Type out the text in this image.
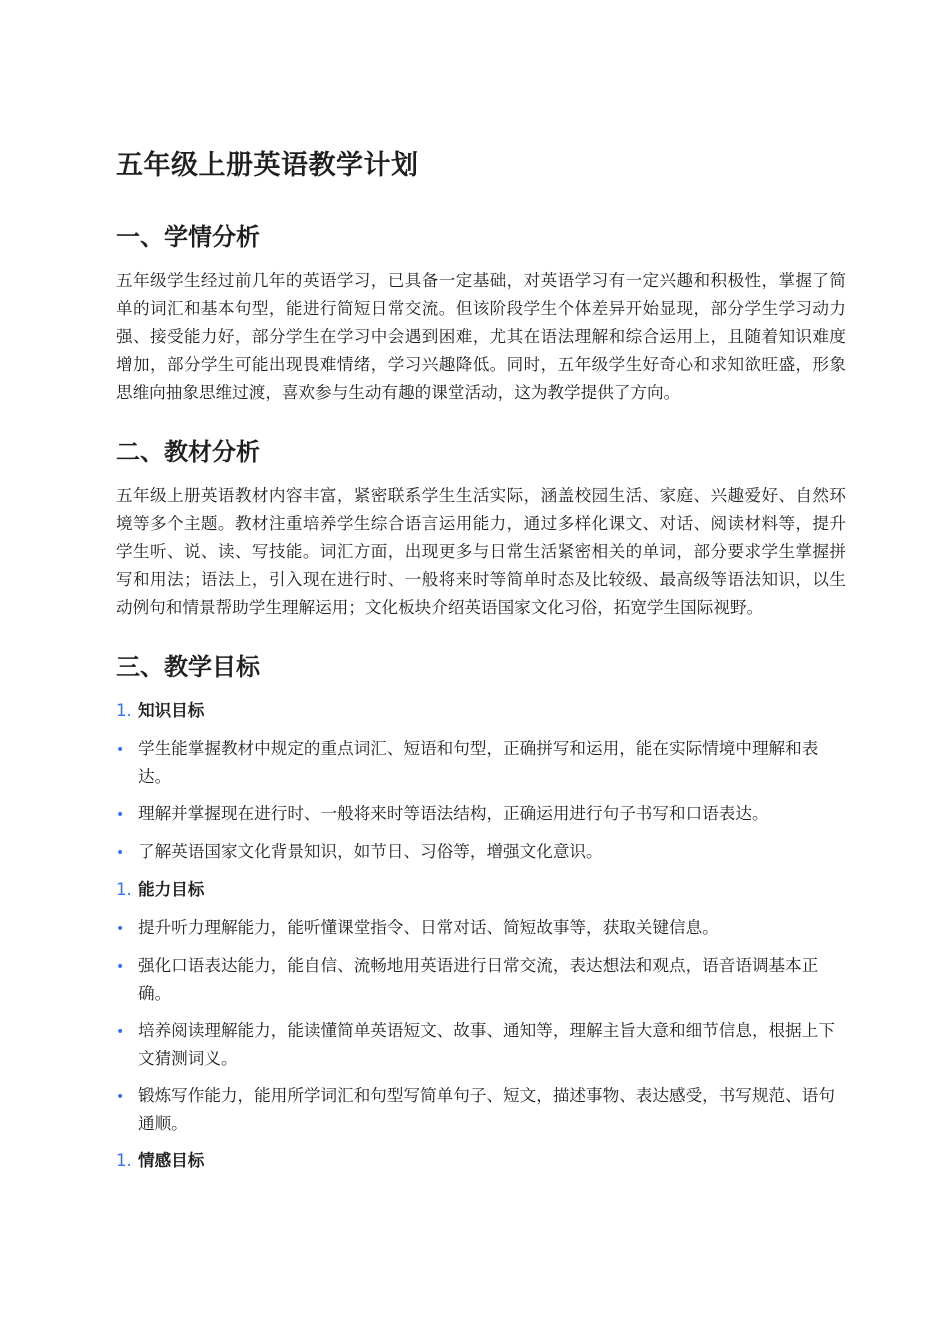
五年级上册英语教学计划
一、学情分析

五年级学生经过前几年的英语学习，已具备一定基础，对英语学习有一定兴趣和积极性，掌握了简单的词汇和基本句型，能进行简短日常交流。但该阶段学生个体差异开始显现，部分学生学习动力强、接受能力好，部分学生在学习中会遇到困难，尤其在语法理解和综合运用上，且随着知识难度增加，部分学生可能出现畏难情绪，学习兴趣降低。同时，五年级学生好奇心和求知欲旺盛，形象思维向抽象思维过渡，喜欢参与生动有趣的课堂活动，这为教学提供了方向。

二、教材分析

五年级上册英语教材内容丰富，紧密联系学生生活实际，涵盖校园生活、家庭、兴趣爱好、自然环境等多个主题。教材注重培养学生综合语言运用能力，通过多样化课文、对话、阅读材料等，提升学生听、说、读、写技能。词汇方面，出现更多与日常生活紧密相关的单词，部分要求学生掌握拼写和用法；语法上，引入现在进行时、一般将来时等简单时态及比较级、最高级等语法知识，以生动例句和情景帮助学生理解运用；文化板块介绍英语国家文化习俗，拓宽学生国际视野。

三、教学目标
1. 知识目标
• 学生能掌握教材中规定的重点词汇、短语和句型，正确拼写和运用，能在实际情境中理解和表达。
• 理解并掌握现在进行时、一般将来时等语法结构，正确运用进行句子书写和口语表达。
• 了解英语国家文化背景知识，如节日、习俗等，增强文化意识。
1. 能力目标
• 提升听力理解能力，能听懂课堂指令、日常对话、简短故事等，获取关键信息。
• 强化口语表达能力，能自信、流畅地用英语进行日常交流，表达想法和观点，语音语调基本正确。
• 培养阅读理解能力，能读懂简单英语短文、故事、通知等，理解主旨大意和细节信息，根据上下文猜测词义。
• 锻炼写作能力，能用所学词汇和句型写简单句子、短文，描述事物、表达感受，书写规范、语句通顺。
1. 情感目标
